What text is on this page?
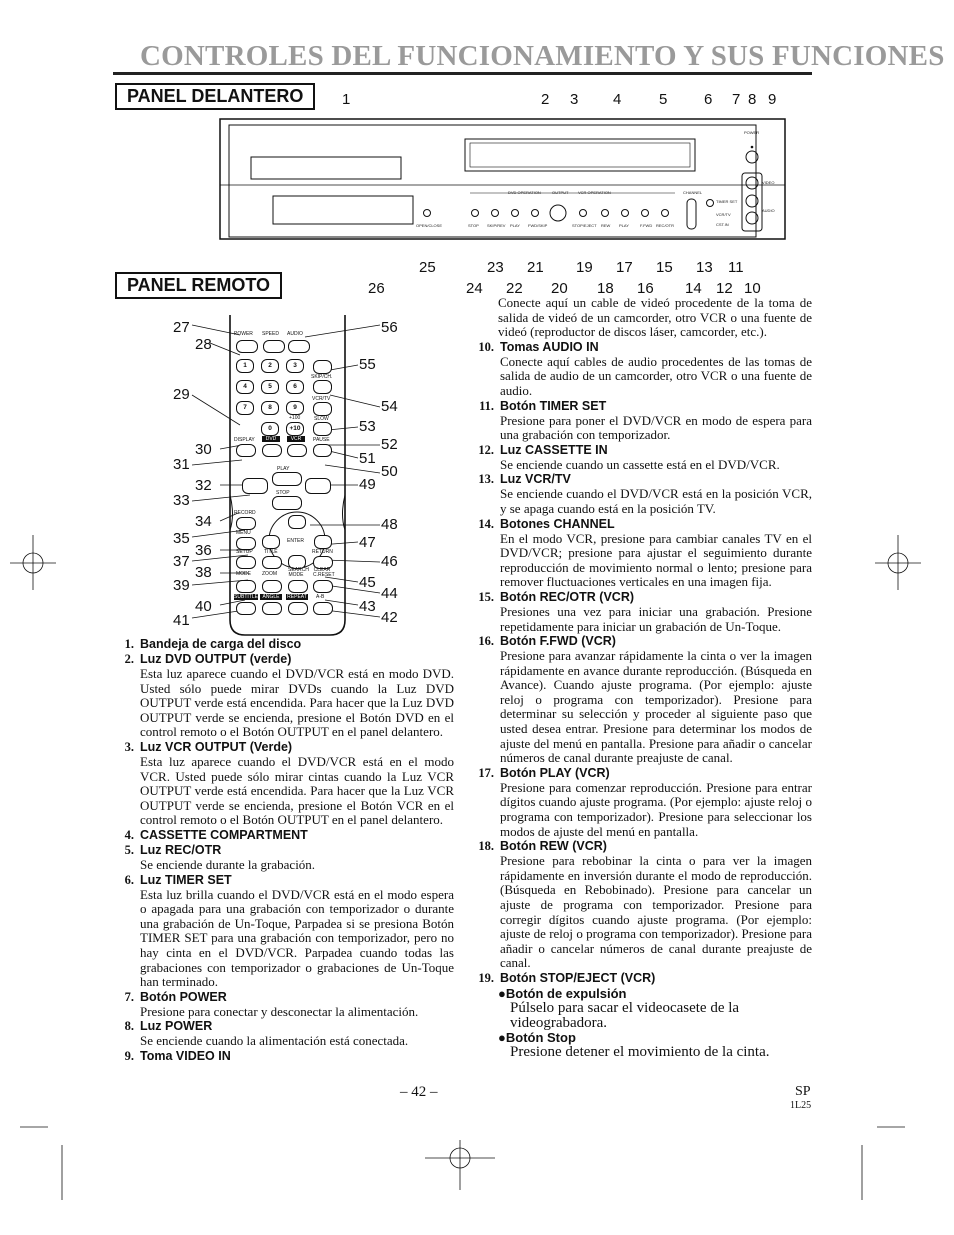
CONTROLES DEL FUNCIONAMIENTO Y SUS FUNCIONES
PANEL DELANTERO
PANEL REMOTO
1	2 3 4	5 6 7 8 9
25	23 21 19 17 15 13 11
26	24 22 20 18 16 14 12 10
POWER
VIDEO
AUDIO
CHANNEL
TIMER SET
VCR/TV
CST.IN
DVD OPERATION	OUTPUT VCR OPERATION
OPEN/CLOSE	STOP SKIP/REV PLAY FWD/SKIP	STOP/EJECT REW PLAY	F.FWD REC/OTR
27
28
29
30
31
32
33
34
35
36
37
38
39
40
41
56
55
54
53
52
51
50
49
48
47
46
45
44
43
42
POWER SPEED AUDIO
1	2	3
4	5	6
7	8	9
0	+10
+100
SKIP/CH.
VCR/TV
SLOW
DISPLAY	DVD	VCR	PAUSE
PLAY
STOP
RECORD
MENU
ENTER
SETUP TITLE	RETURN
MODE ZOOM
SEARCH MODE
CLEAR C.RESET
SUBTITLE ANGLE	REPEAT A-B
1. Bandeja de carga del disco
2. Luz DVD OUTPUT (verde)
Esta luz aparece cuando el DVD/VCR está en modo DVD. Usted sólo puede mirar DVDs cuando la Luz DVD OUTPUT verde está encendida. Para hacer que la Luz DVD OUTPUT verde se encienda, presione el Botón DVD en el control remoto o el Botón OUTPUT en el panel delantero.
3. Luz VCR OUTPUT (Verde)
Esta luz aparece cuando el DVD/VCR está en el modo VCR. Usted puede sólo mirar cintas cuando la Luz VCR OUTPUT verde está encendida. Para hacer que la Luz VCR OUTPUT verde se encienda, presione el Botón VCR en el control remoto o el Botón OUTPUT en el panel delantero.
4. CASSETTE COMPARTMENT
5. Luz REC/OTR
Se enciende durante la grabación.
6. Luz TIMER SET
Esta luz brilla cuando el DVD/VCR está en el modo espera o apagada para una grabación con temporizador o durante una grabación de Un-Toque, Parpadea si se presiona Botón TIMER SET para una grabación con temporizador, pero no hay cinta en el DVD/VCR. Parpadea cuando todas las grabaciones con temporizador o grabaciones de Un-Toque han terminado.
7. Botón POWER
Presione para conectar y desconectar la alimentación.
8. Luz POWER
Se enciende cuando la alimentación está conectada.
9. Toma VIDEO IN
Conecte aquí un cable de videó procedente de la toma de salida de videó de un camcorder, otro VCR o una fuente de videó (reproductor de discos láser, camcorder, etc.).
10. Tomas AUDIO IN
Conecte aquí cables de audio procedentes de las tomas de salida de audio de un camcorder, otro VCR o una fuente de audio.
11. Botón TIMER SET
Presione para poner el DVD/VCR en modo de espera para una grabación con temporizador.
12. Luz CASSETTE IN
Se enciende cuando un cassette está en el DVD/VCR.
13. Luz VCR/TV
Se enciende cuando el DVD/VCR está en la posición VCR, y se apaga cuando está en la posición TV.
14. Botones CHANNEL
En el modo VCR, presione para cambiar canales TV en el DVD/VCR; presione para ajustar el seguimiento durante reproducción de movimiento normal o lento; presione para remover fluctuaciones verticales en una imagen fija.
15. Botón REC/OTR (VCR)
Presiones una vez para iniciar una grabación. Presione repetidamente para iniciar un grabación de Un-Toque.
16. Botón F.FWD (VCR)
Presione para avanzar rápidamente la cinta o ver la imagen rápidamente en avance durante reproducción. (Búsqueda en Avance). Cuando ajuste programa. (Por ejemplo: ajuste reloj o programa con temporizador). Presione para determinar su selección y proceder al siguiente paso que usted desea entrar. Presione para determinar los modos de ajuste del menú en pantalla. Presione para añadir o cancelar números de canal durante preajuste de canal.
17. Botón PLAY (VCR)
Presione para comenzar reproducción. Presione para entrar dígitos cuando ajuste programa. (Por ejemplo: ajuste reloj o programa con temporizador). Presione para seleccionar los modos de ajuste del menú en pantalla.
18. Botón REW (VCR)
Presione para rebobinar la cinta o para ver la imagen rápidamente en inversión durante el modo de reproducción.(Búsqueda en Rebobinado). Presione para cancelar un ajuste de programa con temporizador. Presione para corregir dígitos cuando ajuste programa. (Por ejemplo: ajuste de reloj o programa con temporizador). Presione para añadir o cancelar números de canal durante preajuste de canal.
19. Botón STOP/EJECT (VCR)
●Botón de expulsión
Púlselo para sacar el videocasete de la videograbadora.
●Botón Stop
Presione detener el movimiento de la cinta.
– 42 –	SP
1L25
